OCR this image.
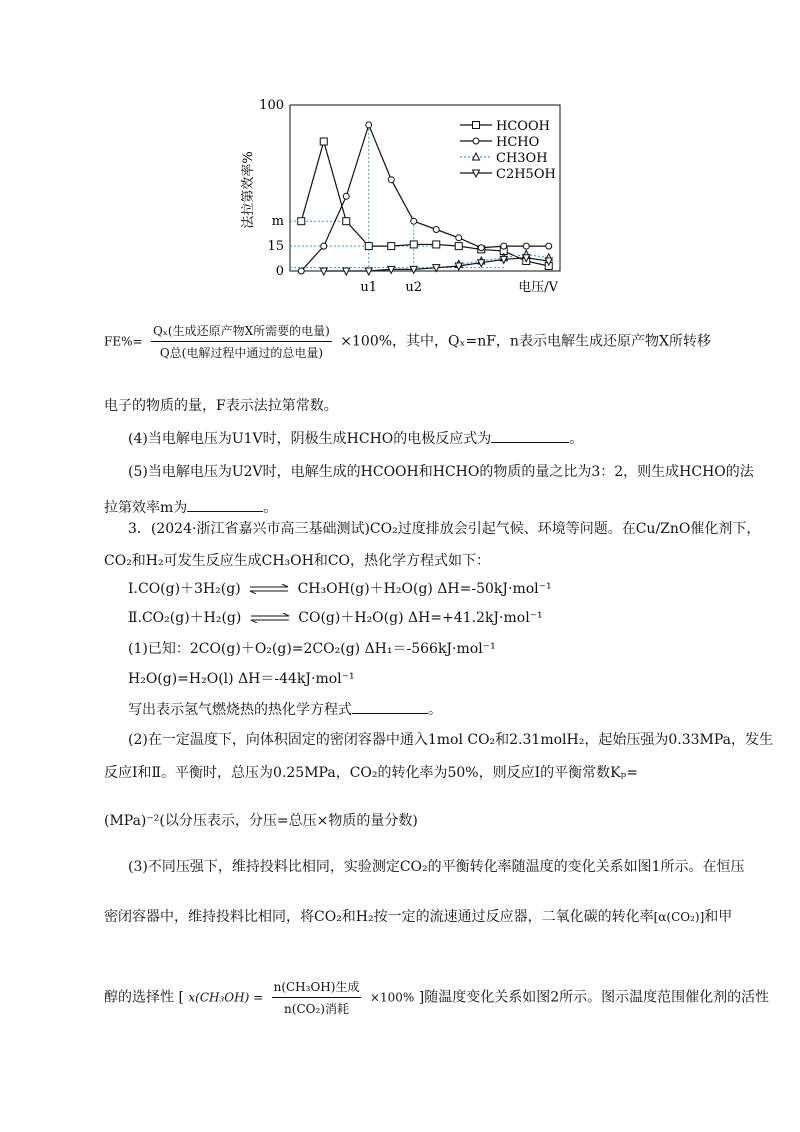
100
m
15
0
u1 u2
法拉第效率%
电压/V
HCOOH
HCHO
CH3OH
C2H5OH
$FE\%= \frac{\text{Qₓ(生成还原产物X所需要的电量)}}{\text{Q总(电解过程中通过的总电量)}} \times 100\%$，其中，Qₓ=nF，n表示电解生成还原产物X所转移
电子的物质的量，F表示法拉第常数。
(4)当电解电压为U1V时，阴极生成HCHO的电极反应式为	。
(5)当电解电压为U2V时，电解生成的HCOOH和HCHO的物质的量之比为3：2，则生成HCHO的法
拉第效率m为	。
3．(2024·浙江省嘉兴市高三基础测试)CO₂过度排放会引起气候、环境等问题。在Cu/ZnO催化剂下，
CO₂和H₂可发生反应生成CH₃OH和CO，热化学方程式如下：
Ⅰ.CO(g)＋3H₂(g) ⇌ CH₃OH(g)＋H₂O(g) ΔH=-50kJ·mol⁻¹
Ⅱ.CO₂(g)＋H₂(g) ⇌ CO(g)＋H₂O(g) ΔH=+41.2kJ·mol⁻¹
(1)已知：2CO(g)＋O₂(g)=2CO₂(g) ΔH₁＝-566kJ·mol⁻¹
H₂O(g)=H₂O(l) ΔH＝-44kJ·mol⁻¹
写出表示氢气燃烧热的热化学方程式	。
(2)在一定温度下，向体积固定的密闭容器中通入1mol CO₂和2.31molH₂，起始压强为0.33MPa，发生
反应Ⅰ和Ⅱ。平衡时，总压为0.25MPa，CO₂的转化率为50%，则反应Ⅰ的平衡常数Kₚ=
(MPa)⁻²(以分压表示，分压=总压×物质的量分数)
(3)不同压强下，维持投料比相同，实验测定CO₂的平衡转化率随温度的变化关系如图1所示。在恒压
密闭容器中，维持投料比相同，将CO₂和H₂按一定的流速通过反应器，二氧化碳的转化率[α(CO₂)]和甲
醇的选择性 [ $x(CH_3OH) = \frac{\text{n(CH₃OH)生成}}{\text{n(CO₂)消耗}} \times 100\%$ ]随温度变化关系如图2所示。图示温度范围催化剂的活性
